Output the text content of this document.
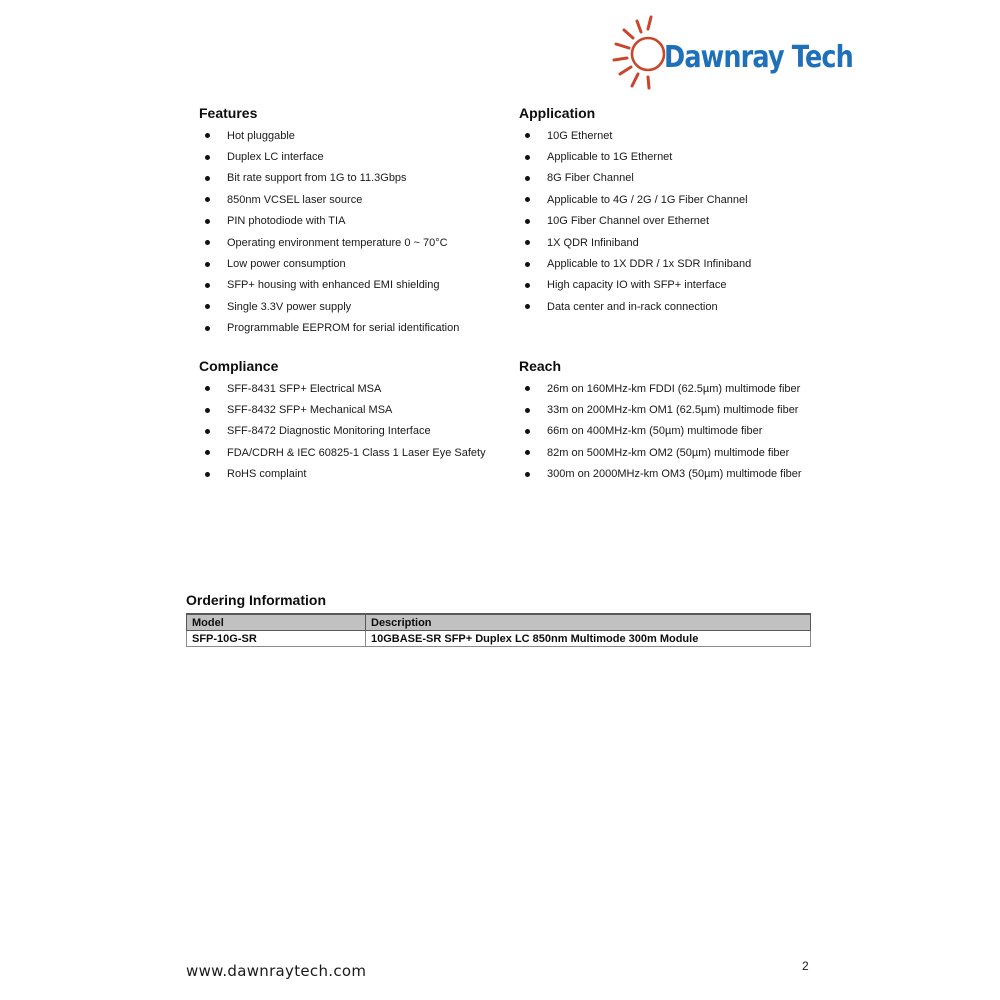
Dawnray Tech
Features
Hot pluggable
Duplex LC interface
Bit rate support from 1G to 11.3Gbps
850nm VCSEL laser source
PIN photodiode with TIA
Operating environment temperature 0 ~ 70°C
Low power consumption
SFP+ housing with enhanced EMI shielding
Single 3.3V power supply
Programmable EEPROM for serial identification
Application
10G Ethernet
Applicable to 1G Ethernet
8G Fiber Channel
Applicable to 4G / 2G / 1G Fiber Channel
10G Fiber Channel over Ethernet
1X QDR Infiniband
Applicable to 1X DDR / 1x SDR Infiniband
High capacity IO with SFP+ interface
Data center and in-rack connection
Compliance
SFF-8431 SFP+ Electrical MSA
SFF-8432 SFP+ Mechanical MSA
SFF-8472 Diagnostic Monitoring Interface
FDA/CDRH & IEC 60825-1 Class 1 Laser Eye Safety
RoHS complaint
Reach
26m on 160MHz-km FDDI (62.5µm) multimode fiber
33m on 200MHz-km OM1 (62.5µm) multimode fiber
66m on 400MHz-km (50µm) multimode fiber
82m on 500MHz-km OM2 (50µm) multimode fiber
300m on 2000MHz-km OM3 (50µm) multimode fiber
Ordering Information
Model	Description
SFP-10G-SR	10GBASE-SR SFP+ Duplex LC 850nm Multimode 300m Module
www.dawnraytech.com	2
